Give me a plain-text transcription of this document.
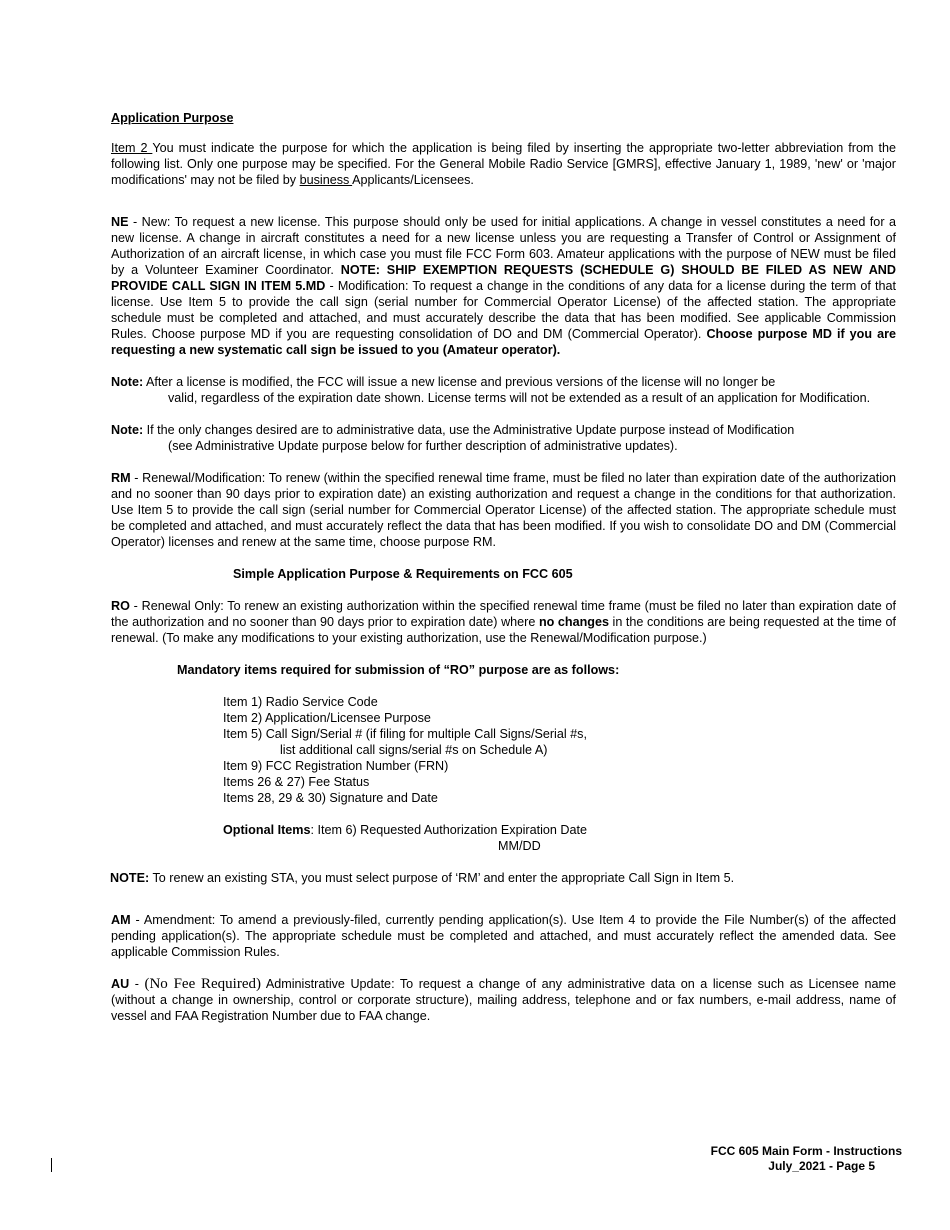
Application Purpose

Item 2 You must indicate the purpose for which the application is being filed by inserting the appropriate two-letter abbreviation from the following list. Only one purpose may be specified. For the General Mobile Radio Service [GMRS], effective January 1, 1989, 'new' or 'major modifications' may not be filed by business Applicants/Licensees.

NE - New: To request a new license. This purpose should only be used for initial applications. A change in vessel constitutes a need for a new license. A change in aircraft constitutes a need for a new license unless you are requesting a Transfer of Control or Assignment of Authorization of an aircraft license, in which case you must file FCC Form 603. Amateur applications with the purpose of NEW must be filed by a Volunteer Examiner Coordinator. NOTE: SHIP EXEMPTION REQUESTS (SCHEDULE G) SHOULD BE FILED AS NEW AND PROVIDE CALL SIGN IN ITEM 5.MD - Modification: To request a change in the conditions of any data for a license during the term of that license. Use Item 5 to provide the call sign (serial number for Commercial Operator License) of the affected station. The appropriate schedule must be completed and attached, and must accurately describe the data that has been modified. See applicable Commission Rules. Choose purpose MD if you are requesting consolidation of DO and DM (Commercial Operator). Choose purpose MD if you are requesting a new systematic call sign be issued to you (Amateur operator).

Note: After a license is modified, the FCC will issue a new license and previous versions of the license will no longer be
valid, regardless of the expiration date shown. License terms will not be extended as a result of an application for Modification.

Note: If the only changes desired are to administrative data, use the Administrative Update purpose instead of Modification
(see Administrative Update purpose below for further description of administrative updates).

RM - Renewal/Modification: To renew (within the specified renewal time frame, must be filed no later than expiration date of the authorization and no sooner than 90 days prior to expiration date) an existing authorization and request a change in the conditions for that authorization. Use Item 5 to provide the call sign (serial number for Commercial Operator License) of the affected station. The appropriate schedule must be completed and attached, and must accurately reflect the data that has been modified. If you wish to consolidate DO and DM (Commercial Operator) licenses and renew at the same time, choose purpose RM.

Simple Application Purpose & Requirements on FCC 605

RO - Renewal Only: To renew an existing authorization within the specified renewal time frame (must be filed no later than expiration date of the authorization and no sooner than 90 days prior to expiration date) where no changes in the conditions are being requested at the time of renewal. (To make any modifications to your existing authorization, use the Renewal/Modification purpose.)

Mandatory items required for submission of “RO” purpose are as follows:

Item 1) Radio Service Code
Item 2) Application/Licensee Purpose
Item 5) Call Sign/Serial # (if filing for multiple Call Signs/Serial #s,
list additional call signs/serial #s on Schedule A)
Item 9) FCC Registration Number (FRN)
Items 26 & 27) Fee Status
Items 28, 29 & 30) Signature and Date
Optional Items: Item 6) Requested Authorization Expiration Date
MM/DD

NOTE: To renew an existing STA, you must select purpose of ‘RM’ and enter the appropriate Call Sign in Item 5.

AM - Amendment: To amend a previously-filed, currently pending application(s). Use Item 4 to provide the File Number(s) of the affected pending application(s). The appropriate schedule must be completed and attached, and must accurately reflect the amended data. See applicable Commission Rules.

AU - (No Fee Required) Administrative Update: To request a change of any administrative data on a license such as Licensee name (without a change in ownership, control or corporate structure), mailing address, telephone and or fax numbers, e-mail address, name of vessel and FAA Registration Number due to FAA change.

FCC 605 Main Form - Instructions
July_2021 - Page 5
